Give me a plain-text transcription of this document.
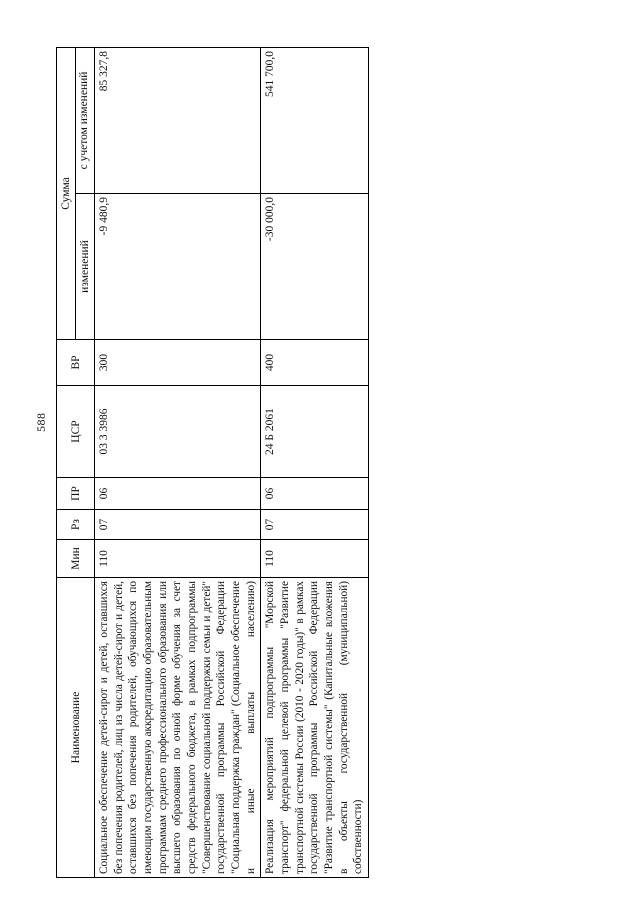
588
Наименование	Мин	Рз	ПР	ЦСР	ВР	Сумма	
						изменений	с учетом изменений
Социальное обеспечение детей-сирот и детей, оставшихся без попечения родителей, лиц из числа детей-сирот и детей, оставшихся без попечения родителей, обучающихся по имеющим государственную аккредитацию образовательным программам среднего профессионального образования или высшего образования по очной форме обучения за счет средств федерального бюджета, в рамках подпрограммы "Совершенствование социальной поддержки семьи и детей" государственной программы Российской Федерации "Социальная поддержка граждан" (Социальное обеспечение и иные выплаты населению)	110	07	06	03 3 3986	300	-9 480,9	85 327,8
Реализация мероприятий подпрограммы "Морской транспорт" федеральной целевой программы "Развитие транспортной системы России (2010 - 2020 годы)" в рамках государственной программы Российской Федерации "Развитие транспортной системы" (Капитальные вложения в объекты государственной (муниципальной) собственности)	110	07	06	24 Б 2061	400	-30 000,0	541 700,0
